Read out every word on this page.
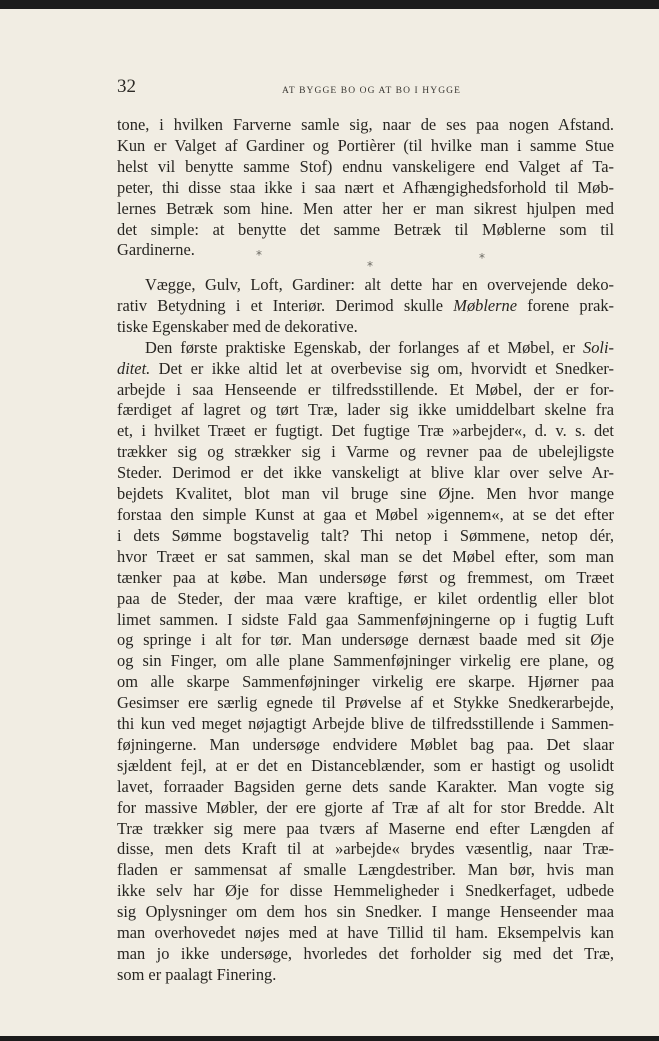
32	AT BYGGE BO OG AT BO I HYGGE
tone, i hvilken Farverne samle sig, naar de ses paa nogen Afstand.
Kun er Valget af Gardiner og Portièrer (til hvilke man i samme Stue
helst vil benytte samme Stof) endnu vanskeligere end Valget af Ta-
peter, thi disse staa ikke i saa nært et Afhængighedsforhold til Møb-
lernes Betræk som hine. Men atter her er man sikrest hjulpen med
det simple: at benytte det samme Betræk til Møblerne som til
Gardinerne.	*
*
*
Vægge, Gulv, Loft, Gardiner: alt dette har en overvejende deko-
rativ Betydning i et Interiør. Derimod skulle Møblerne forene prak-
tiske Egenskaber med de dekorative.
Den første praktiske Egenskab, der forlanges af et Møbel, er Soli-
ditet. Det er ikke altid let at overbevise sig om, hvorvidt et Snedker-
arbejde i saa Henseende er tilfredsstillende. Et Møbel, der er for-
færdiget af lagret og tørt Træ, lader sig ikke umiddelbart skelne fra
et, i hvilket Træet er fugtigt. Det fugtige Træ »arbejder«, d. v. s. det
trækker sig og strækker sig i Varme og revner paa de ubelejligste
Steder. Derimod er det ikke vanskeligt at blive klar over selve Ar-
bejdets Kvalitet, blot man vil bruge sine Øjne. Men hvor mange
forstaa den simple Kunst at gaa et Møbel »igennem«, at se det efter
i dets Sømme bogstavelig talt? Thi netop i Sømmene, netop dér,
hvor Træet er sat sammen, skal man se det Møbel efter, som man
tænker paa at købe. Man undersøge først og fremmest, om Træet
paa de Steder, der maa være kraftige, er kilet ordentlig eller blot
limet sammen. I sidste Fald gaa Sammenføjningerne op i fugtig Luft
og springe i alt for tør. Man undersøge dernæst baade med sit Øje
og sin Finger, om alle plane Sammenføjninger virkelig ere plane, og
om alle skarpe Sammenføjninger virkelig ere skarpe. Hjørner paa
Gesimser ere særlig egnede til Prøvelse af et Stykke Snedkerarbejde,
thi kun ved meget nøjagtigt Arbejde blive de tilfredsstillende i Sammen-
føjningerne. Man undersøge endvidere Møblet bag paa. Det slaar
sjældent fejl, at er det en Distanceblænder, som er hastigt og usolidt
lavet, forraader Bagsiden gerne dets sande Karakter. Man vogte sig
for massive Møbler, der ere gjorte af Træ af alt for stor Bredde. Alt
Træ trækker sig mere paa tværs af Maserne end efter Længden af
disse, men dets Kraft til at »arbejde« brydes væsentlig, naar Træ-
fladen er sammensat af smalle Længdestriber. Man bør, hvis man
ikke selv har Øje for disse Hemmeligheder i Snedkerfaget, udbede
sig Oplysninger om dem hos sin Snedker. I mange Henseender maa
man overhovedet nøjes med at have Tillid til ham. Eksempelvis kan
man jo ikke undersøge, hvorledes det forholder sig med det Træ,
som er paalagt Finering.
